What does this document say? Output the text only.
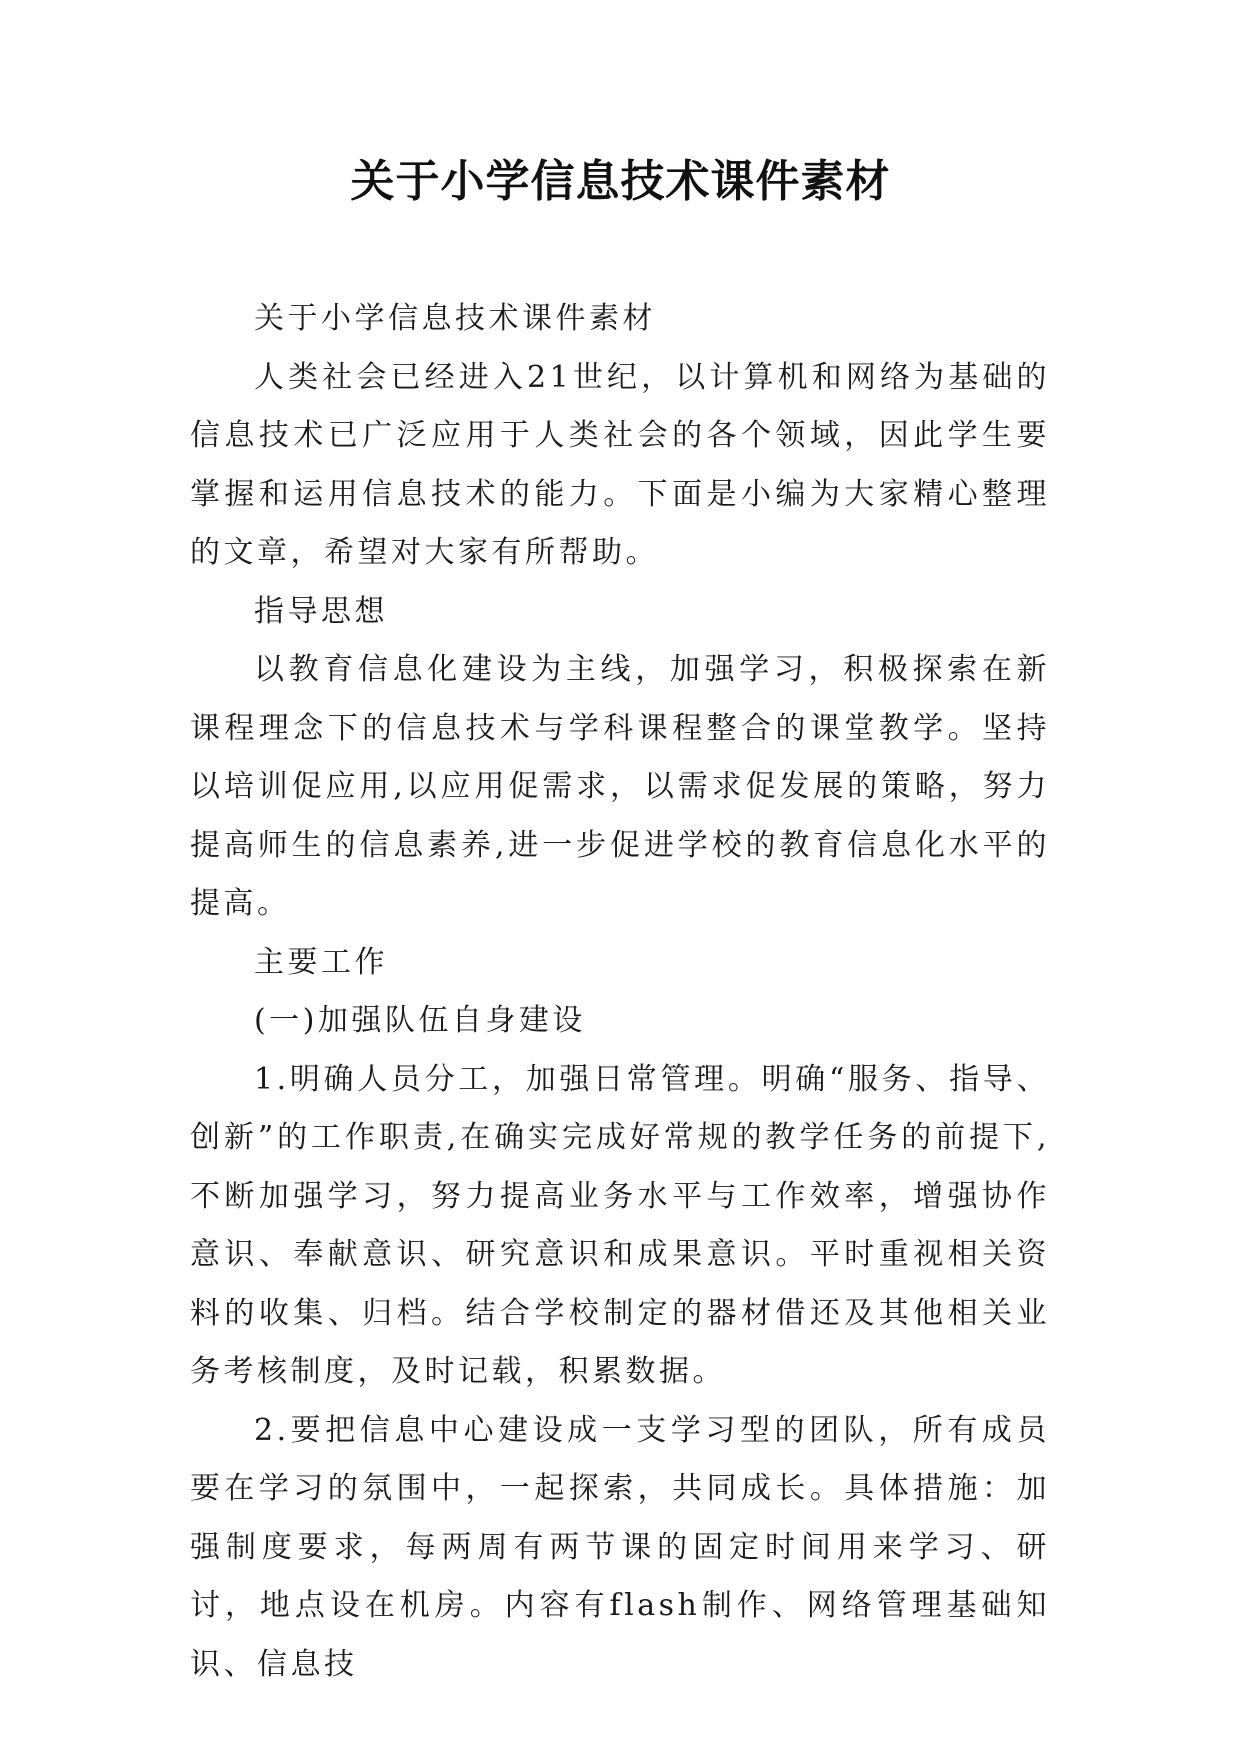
关于小学信息技术课件素材

关于小学信息技术课件素材

人类社会已经进入21世纪，以计算机和网络为基础的信息技术已广泛应用于人类社会的各个领域，因此学生要掌握和运用信息技术的能力。下面是小编为大家精心整理的文章，希望对大家有所帮助。

指导思想

以教育信息化建设为主线，加强学习，积极探索在新课程理念下的信息技术与学科课程整合的课堂教学。坚持以培训促应用,以应用促需求，以需求促发展的策略，努力提高师生的信息素养,进一步促进学校的教育信息化水平的提高。

主要工作

(一)加强队伍自身建设

1.明确人员分工，加强日常管理。明确“服务、指导、创新”的工作职责,在确实完成好常规的教学任务的前提下,不断加强学习，努力提高业务水平与工作效率，增强协作意识、奉献意识、研究意识和成果意识。平时重视相关资料的收集、归档。结合学校制定的器材借还及其他相关业务考核制度，及时记载，积累数据。

2.要把信息中心建设成一支学习型的团队，所有成员要在学习的氛围中，一起探索，共同成长。具体措施：加强制度要求，每两周有两节课的固定时间用来学习、研讨，地点设在机房。内容有flash制作、网络管理基础知识、信息技
